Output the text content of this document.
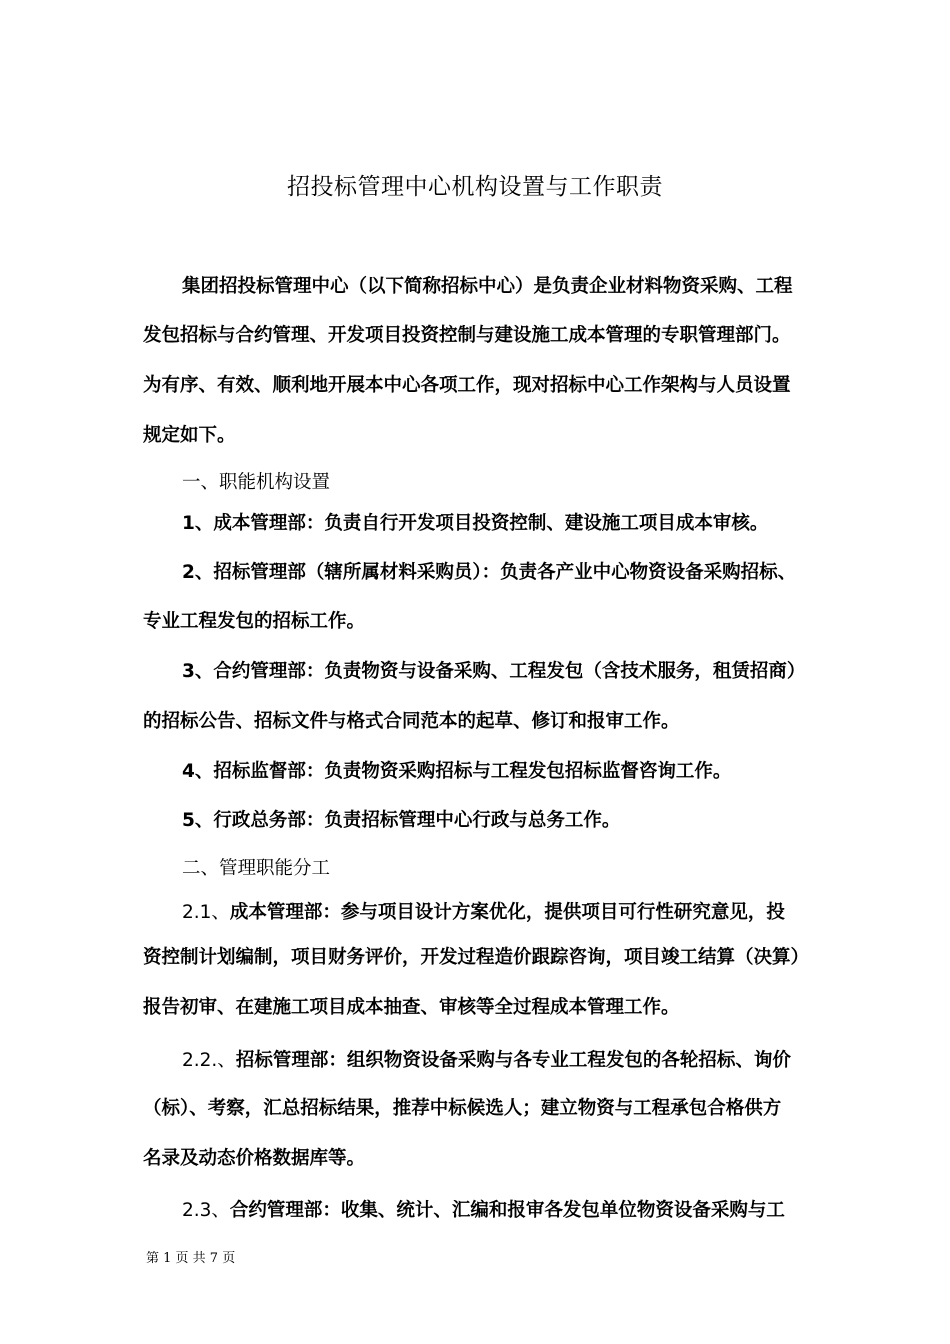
招投标管理中心机构设置与工作职责
集团招投标管理中心（以下简称招标中心）是负责企业材料物资采购、工程
发包招标与合约管理、开发项目投资控制与建设施工成本管理的专职管理部门。
为有序、有效、顺利地开展本中心各项工作，现对招标中心工作架构与人员设置
规定如下。
一、职能机构设置
1、成本管理部：负责自行开发项目投资控制、建设施工项目成本审核。
2、招标管理部（辖所属材料采购员）：负责各产业中心物资设备采购招标、
专业工程发包的招标工作。
3、合约管理部：负责物资与设备采购、工程发包（含技术服务，租赁招商）
的招标公告、招标文件与格式合同范本的起草、修订和报审工作。
4、招标监督部：负责物资采购招标与工程发包招标监督咨询工作。
5、行政总务部：负责招标管理中心行政与总务工作。
二、管理职能分工
2.1、成本管理部：参与项目设计方案优化，提供项目可行性研究意见，投
资控制计划编制，项目财务评价，开发过程造价跟踪咨询，项目竣工结算（决算）
报告初审、在建施工项目成本抽查、审核等全过程成本管理工作。
2.2.、招标管理部：组织物资设备采购与各专业工程发包的各轮招标、询价
（标）、考察，汇总招标结果，推荐中标候选人；建立物资与工程承包合格供方
名录及动态价格数据库等。
2.3、合约管理部：收集、统计、汇编和报审各发包单位物资设备采购与工
第 1 页 共 7 页
